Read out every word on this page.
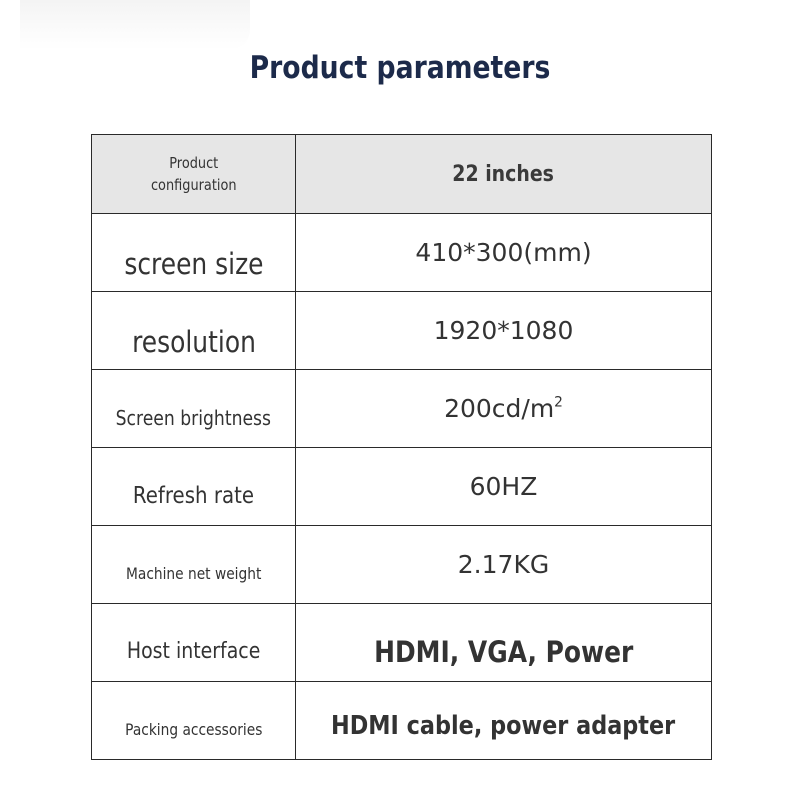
Product parameters
Product
configuration	22 inches
screen size	410*300(mm)
resolution	1920*1080
Screen brightness	$200cd/m^2$
Refresh rate	60HZ
Machine net weight	2.17KG
Host interface	HDMI, VGA, Power
Packing accessories	HDMI cable, power adapter
